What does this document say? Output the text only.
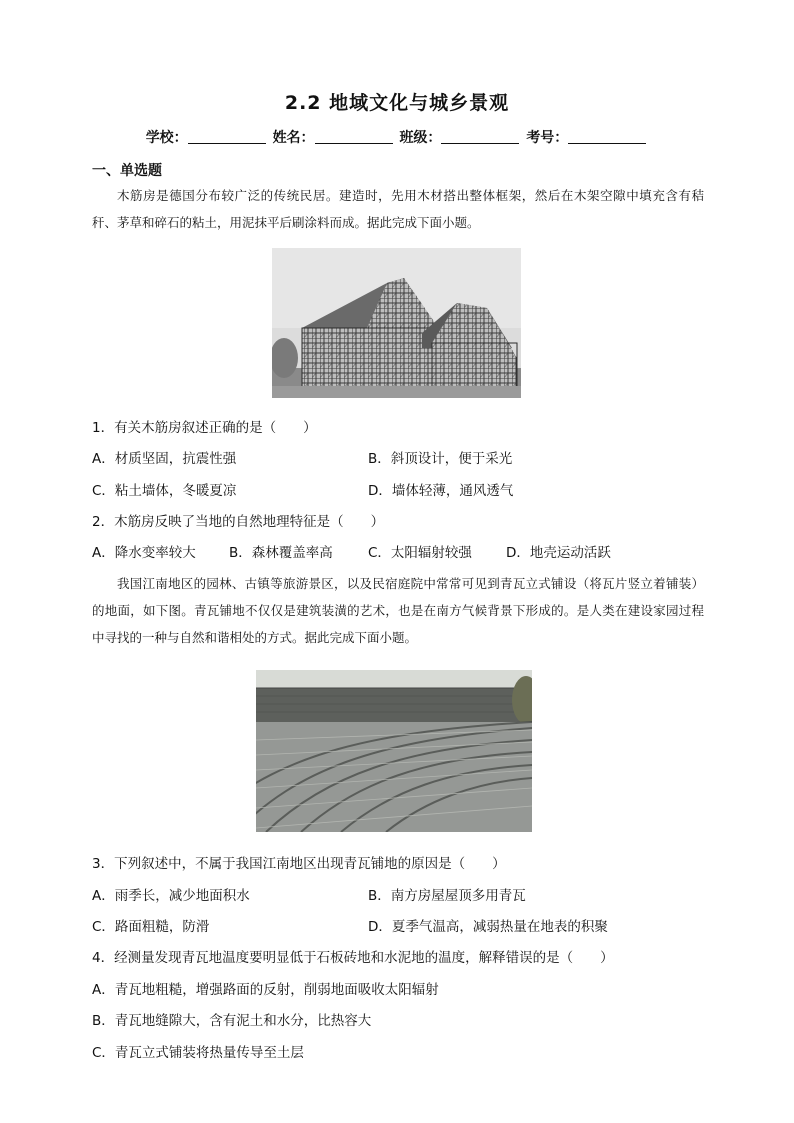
2.2 地域文化与城乡景观
学校：	姓名：	班级：	考号：
一、单选题

木筋房是德国分布较广泛的传统民居。建造时，先用木材搭出整体框架，然后在木架空隙中填充含有秸秆、茅草和碎石的粘土，用泥抹平后刷涂料而成。据此完成下面小题。

1．有关木筋房叙述正确的是（　　）
A．材质坚固，抗震性强	B．斜顶设计，便于采光
C．粘土墙体，冬暖夏凉	D．墙体轻薄，通风透气
2．木筋房反映了当地的自然地理特征是（　　）
A．降水变率较大 B．森林覆盖率高	C．太阳辐射较强	D．地壳运动活跃

我国江南地区的园林、古镇等旅游景区，以及民宿庭院中常常可见到青瓦立式铺设（将瓦片竖立着铺装）的地面，如下图。青瓦铺地不仅仅是建筑装潢的艺术，也是在南方气候背景下形成的。是人类在建设家园过程中寻找的一种与自然和谐相处的方式。据此完成下面小题。

3．下列叙述中，不属于我国江南地区出现青瓦铺地的原因是（　　）
A．雨季长，减少地面积水	B．南方房屋屋顶多用青瓦
C．路面粗糙，防滑	D．夏季气温高，减弱热量在地表的积聚
4．经测量发现青瓦地温度要明显低于石板砖地和水泥地的温度，解释错误的是（　　）
A．青瓦地粗糙，增强路面的反射，削弱地面吸收太阳辐射
B．青瓦地缝隙大，含有泥土和水分，比热容大
C．青瓦立式铺装将热量传导至土层
